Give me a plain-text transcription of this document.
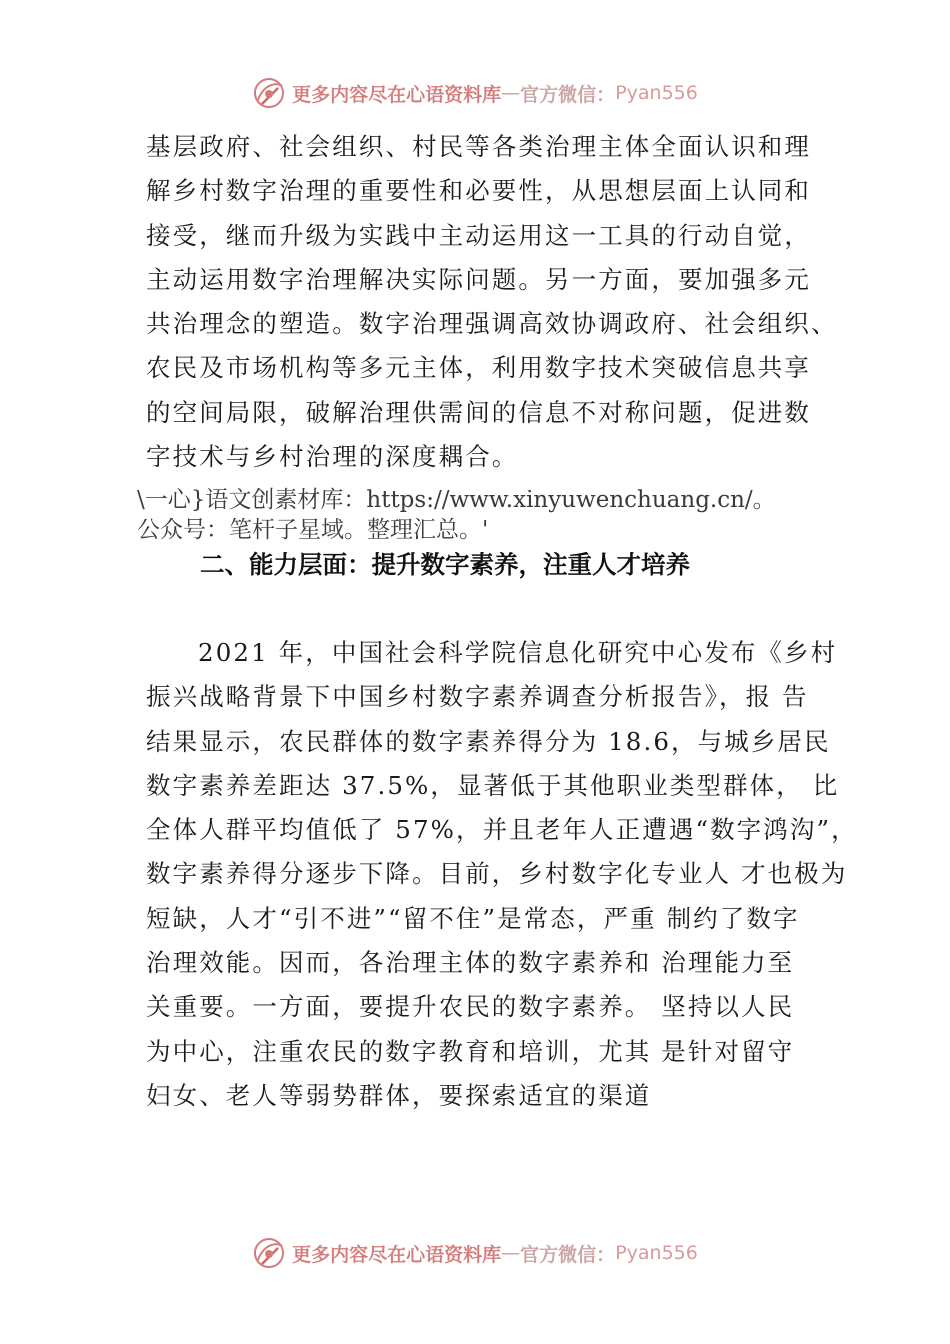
更多内容尽在心语资料库 — 官方微信： Pyan556
基层政府、社会组织、村民等各类治理主体全面认识和理
解乡村数字治理的重要性和必要性，从思想层面上认同和
接受，继而升级为实践中主动运用这一工具的行动自觉，
主动运用数字治理解决实际问题。另一方面，要加强多元
共治理念的塑造。数字治理强调高效协调政府、社会组织、
农民及市场机构等多元主体，利用数字技术突破信息共享
的空间局限，破解治理供需间的信息不对称问题，促进数
字技术与乡村治理的深度耦合。
\一心}语文创素材库：https://www.xinyuwenchuang.cn/。
公众号：笔杆子星域。整理汇总。'
二、能力层面：提升数字素养，注重人才培养
2021 年，中国社会科学院信息化研究中心发布《乡村
振兴战略背景下中国乡村数字素养调查分析报告》，报 告
结果显示，农民群体的数字素养得分为 18.6，与城乡居民
数字素养差距达 37.5%，显著低于其他职业类型群体， 比
全体人群平均值低了 57%，并且老年人正遭遇“数字鸿沟”，
数字素养得分逐步下降。目前，乡村数字化专业人 才也极为
短缺，人才“引不进”“留不住”是常态，严重 制约了数字
治理效能。因而，各治理主体的数字素养和 治理能力至
关重要。一方面，要提升农民的数字素养。 坚持以人民
为中心，注重农民的数字教育和培训，尤其 是针对留守
妇女、老人等弱势群体，要探索适宜的渠道
更多内容尽在心语资料库 — 官方微信： Pyan556
